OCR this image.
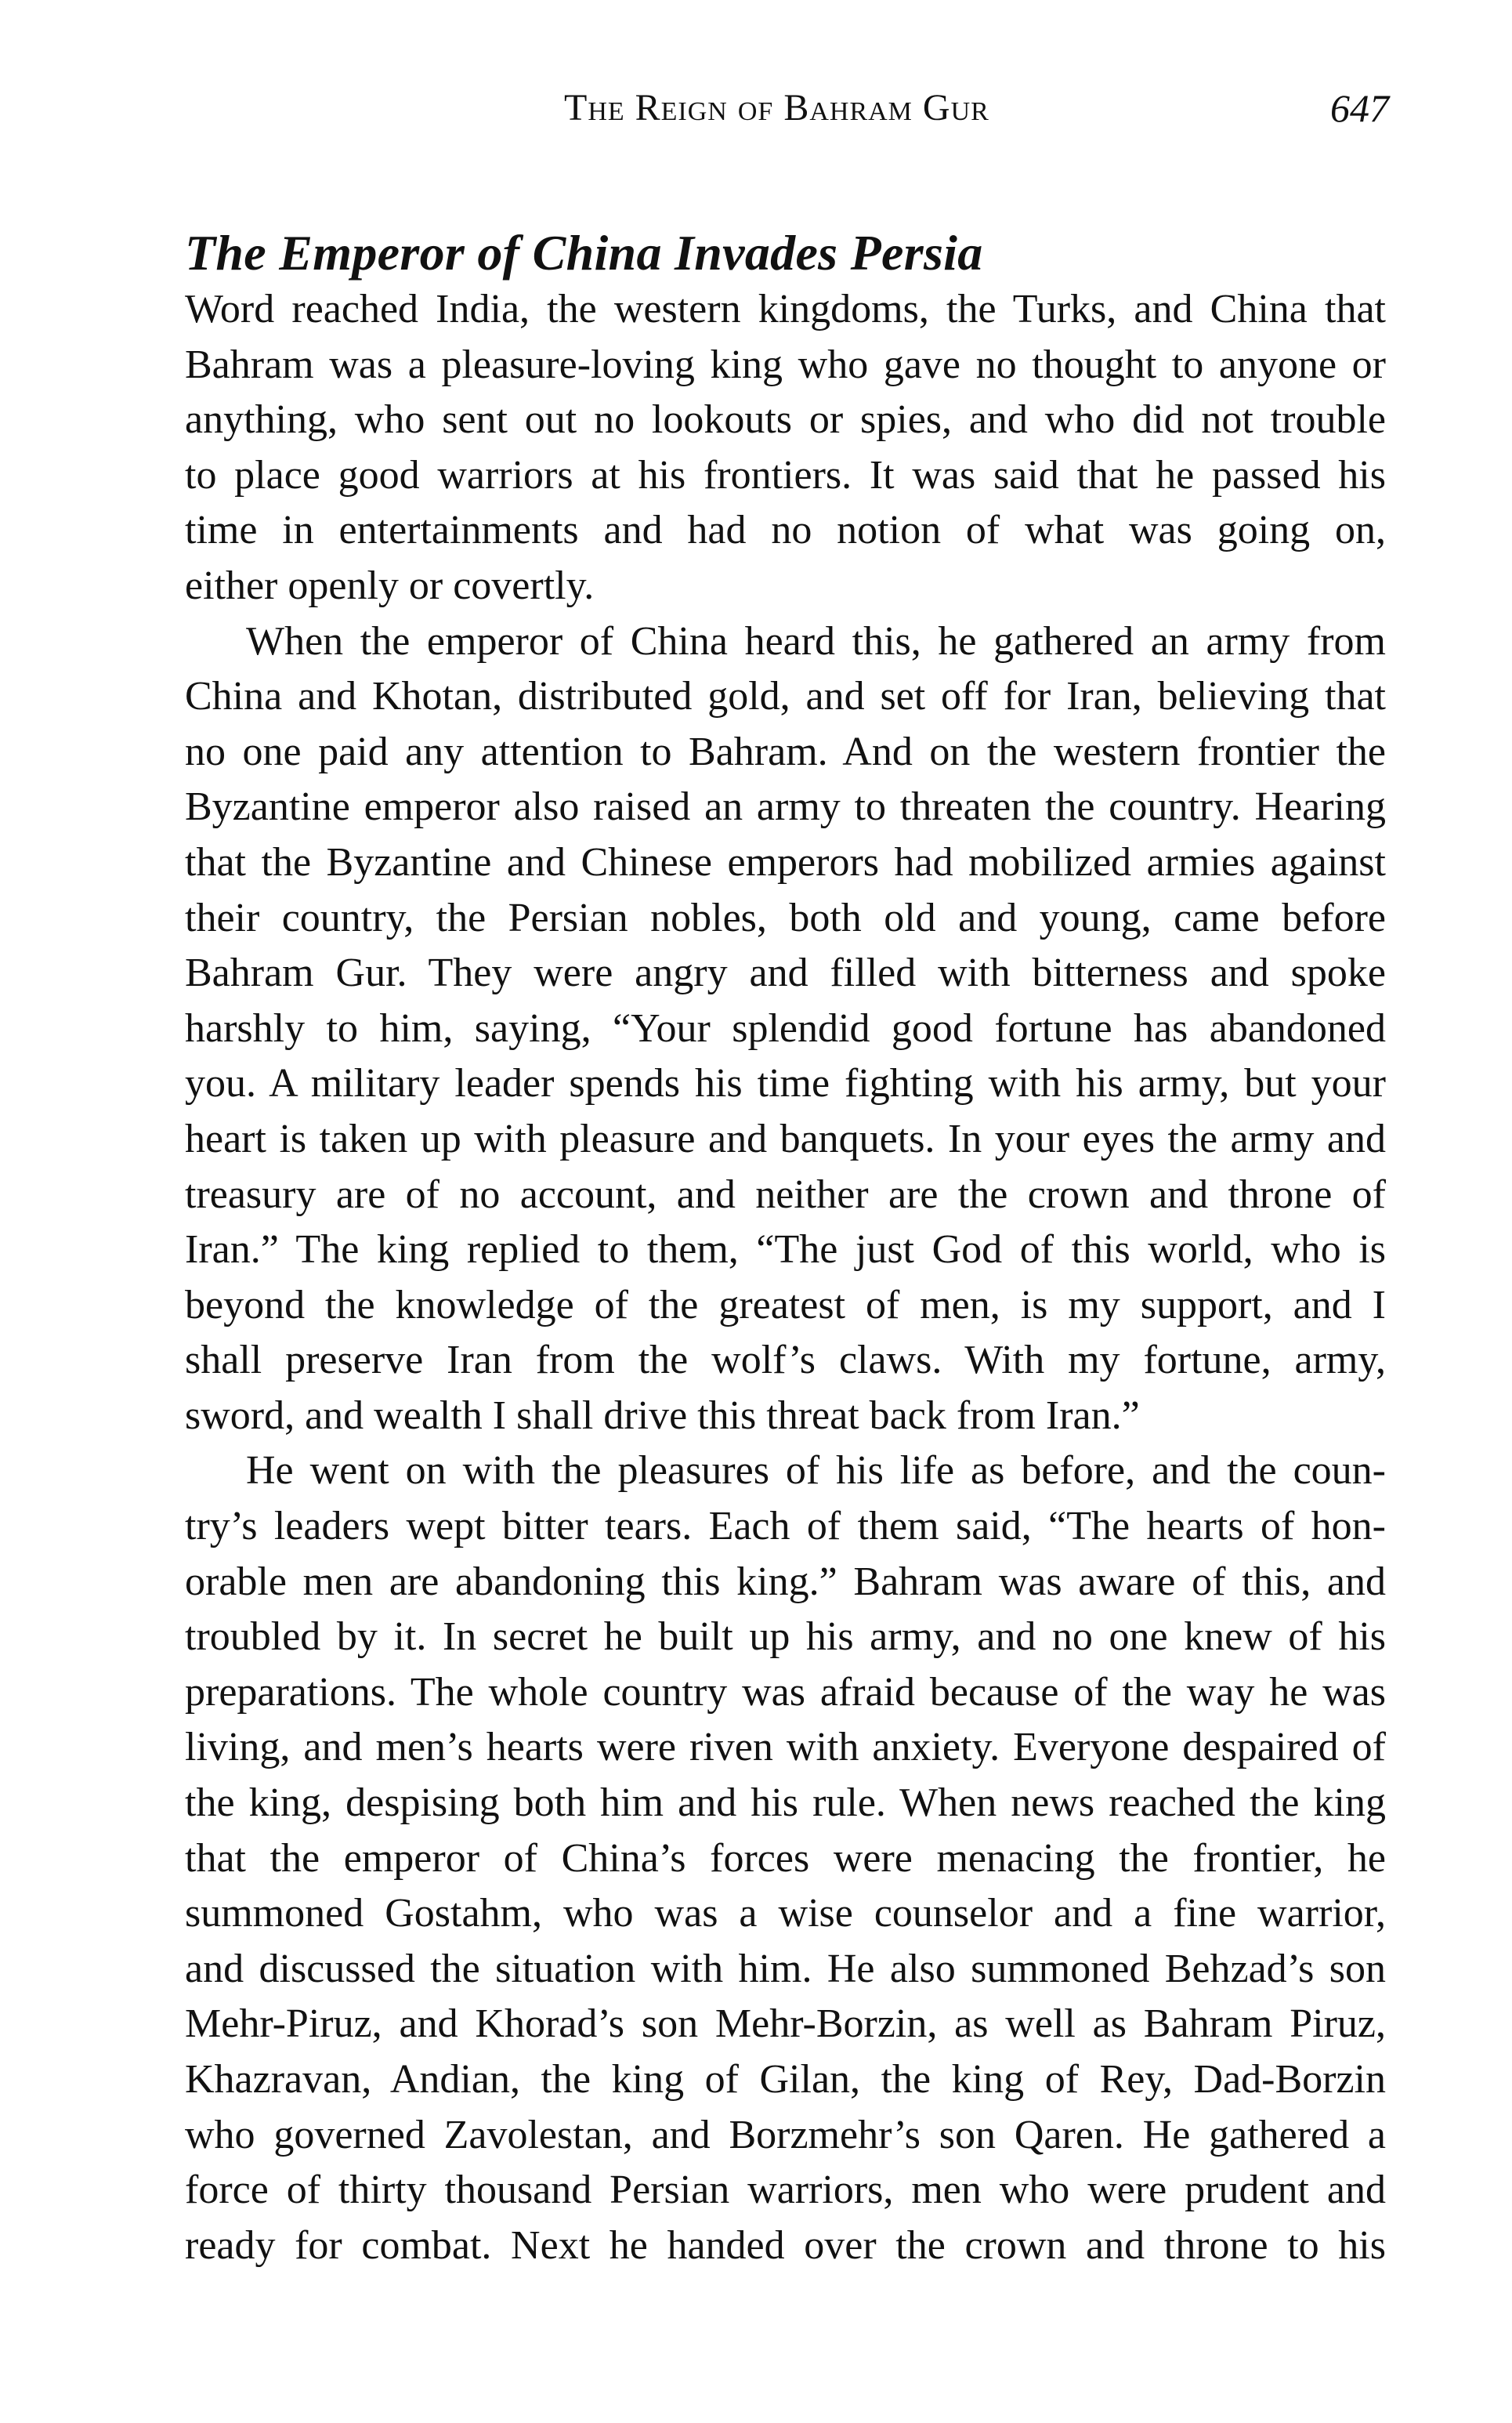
The Reign of Bahram Gur	647
The Emperor of China Invades Persia
Word reached India, the western kingdoms, the Turks, and China that
Bahram was a pleasure-loving king who gave no thought to anyone or
anything, who sent out no lookouts or spies, and who did not trouble
to place good warriors at his frontiers. It was said that he passed his
time in entertainments and had no notion of what was going on,
either openly or covertly.
When the emperor of China heard this, he gathered an army from
China and Khotan, distributed gold, and set off for Iran, believing that
no one paid any attention to Bahram. And on the western frontier the
Byzantine emperor also raised an army to threaten the country. Hearing
that the Byzantine and Chinese emperors had mobilized armies against
their country, the Persian nobles, both old and young, came before
Bahram Gur. They were angry and filled with bitterness and spoke
harshly to him, saying, “Your splendid good fortune has abandoned
you. A military leader spends his time fighting with his army, but your
heart is taken up with pleasure and banquets. In your eyes the army and
treasury are of no account, and neither are the crown and throne of
Iran.” The king replied to them, “The just God of this world, who is
beyond the knowledge of the greatest of men, is my support, and I
shall preserve Iran from the wolf’s claws. With my fortune, army,
sword, and wealth I shall drive this threat back from Iran.”
He went on with the pleasures of his life as before, and the coun-
try’s leaders wept bitter tears. Each of them said, “The hearts of hon-
orable men are abandoning this king.” Bahram was aware of this, and
troubled by it. In secret he built up his army, and no one knew of his
preparations. The whole country was afraid because of the way he was
living, and men’s hearts were riven with anxiety. Everyone despaired of
the king, despising both him and his rule. When news reached the king
that the emperor of China’s forces were menacing the frontier, he
summoned Gostahm, who was a wise counselor and a fine warrior,
and discussed the situation with him. He also summoned Behzad’s son
Mehr-Piruz, and Khorad’s son Mehr-Borzin, as well as Bahram Piruz,
Khazravan, Andian, the king of Gilan, the king of Rey, Dad-Borzin
who governed Zavolestan, and Borzmehr’s son Qaren. He gathered a
force of thirty thousand Persian warriors, men who were prudent and
ready for combat. Next he handed over the crown and throne to his
